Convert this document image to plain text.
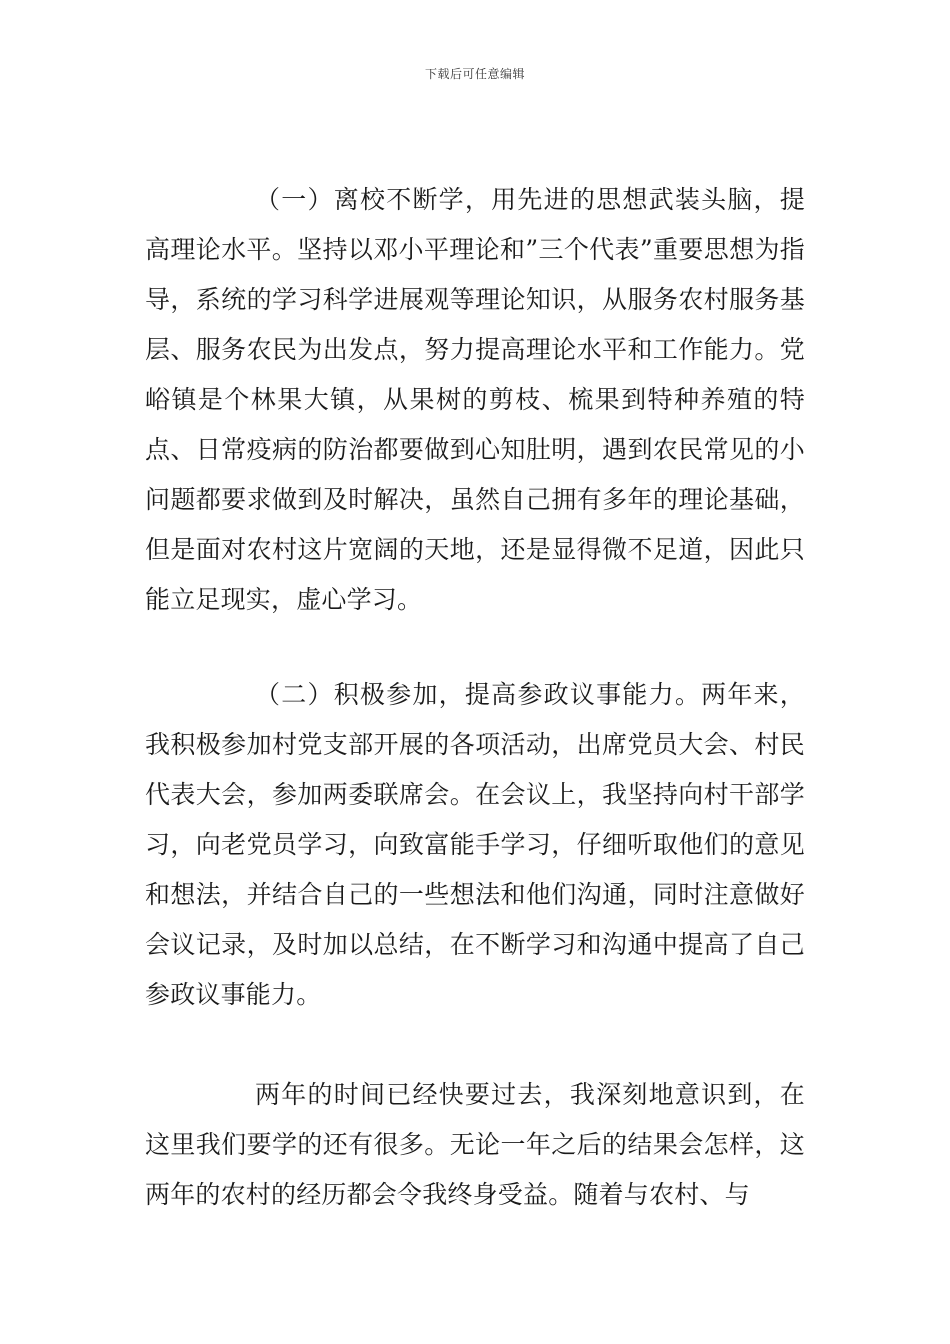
下载后可任意编辑

（一）离校不断学，用先进的思想武装头脑，提高理论水平。坚持以邓小平理论和”三个代表”重要思想为指导，系统的学习科学进展观等理论知识，从服务农村服务基层、服务农民为出发点，努力提高理论水平和工作能力。党峪镇是个林果大镇，从果树的剪枝、梳果到特种养殖的特点、日常疫病的防治都要做到心知肚明，遇到农民常见的小问题都要求做到及时解决，虽然自己拥有多年的理论基础，但是面对农村这片宽阔的天地，还是显得微不足道，因此只能立足现实，虚心学习。

（二）积极参加，提高参政议事能力。两年来，我积极参加村党支部开展的各项活动，出席党员大会、村民代表大会，参加两委联席会。在会议上，我坚持向村干部学习，向老党员学习，向致富能手学习，仔细听取他们的意见和想法，并结合自己的一些想法和他们沟通，同时注意做好会议记录，及时加以总结，在不断学习和沟通中提高了自己参政议事能力。

两年的时间已经快要过去，我深刻地意识到，在这里我们要学的还有很多。无论一年之后的结果会怎样，这两年的农村的经历都会令我终身受益。随着与农村、与
